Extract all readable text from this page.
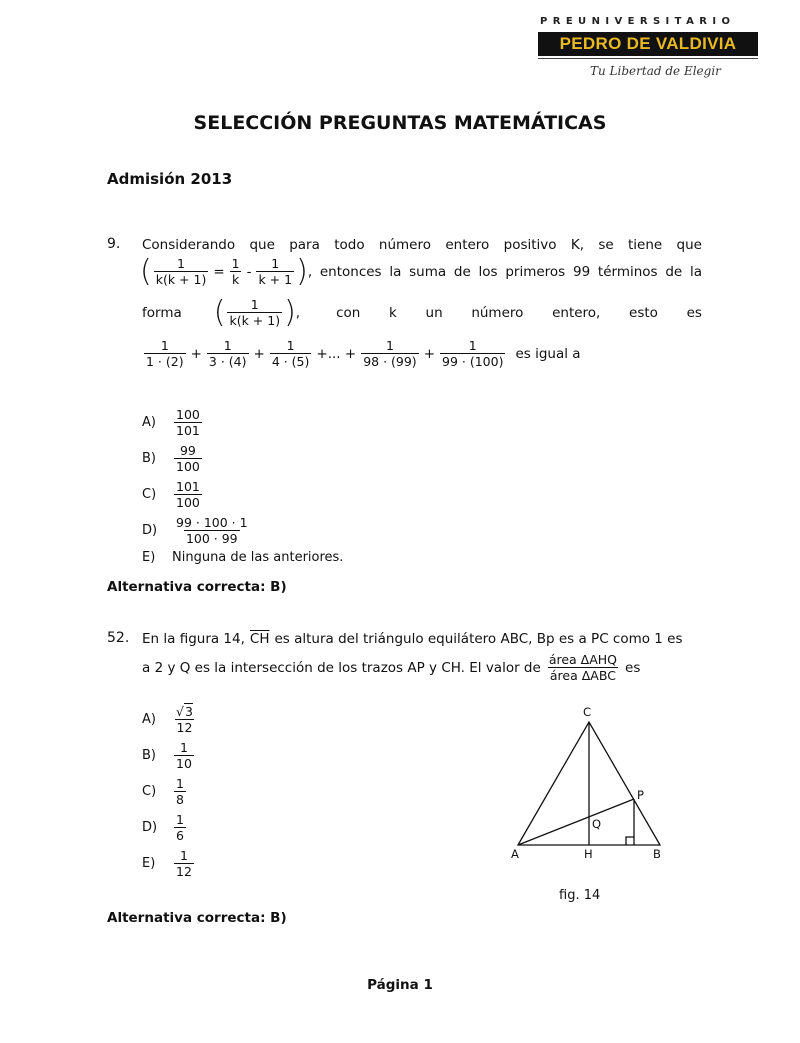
PREUNIVERSITARIO
PEDRO DE VALDIVIA
Tu Libertad de Elegir
SELECCIÓN PREGUNTAS MATEMÁTICAS
Admisión 2013
9. Considerando que para todo número entero positivo K, se tiene que
( $\frac{1}{k(k + 1)} = \frac{1}{k} - \frac{1}{k + 1}$ ) , entonces la suma de los primeros 99 términos de la
forma ( $\frac{1}{k(k + 1)}$ ) ,	con k un número entero, esto es
$\frac{1}{1 \cdot (2)} + \frac{1}{3 \cdot (4)} + \frac{1}{4 \cdot (5)}$ +... + $\frac{1}{98 \cdot (99)} + \frac{1}{99 \cdot (100)}$ es igual a
A)	$\frac{100}{101}$
B)	$\frac{99}{100}$
C)	$\frac{101}{100}$
D)	$\frac{99 \cdot 100 \cdot 1}{100 \cdot 99}$
E)	Ninguna de las anteriores.
Alternativa correcta: B)
52. En la figura 14, $\overline{CH}$ es altura del triángulo equilátero ABC, Bp es a PC como 1 es
a 2 y Q es la intersección de los trazos AP y CH. El valor de $\frac{\text{área ΔAHQ}}{\text{área ΔABC}}$ es
A)	$\frac{√3}{12}$
B)	$\frac{1}{10}$
C)	$\frac{1}{8}$
D)	$\frac{1}{6}$
E)	$\frac{1}{12}$
C
A	H	B
P
Q
fig. 14
Alternativa correcta: B)
Página 1
